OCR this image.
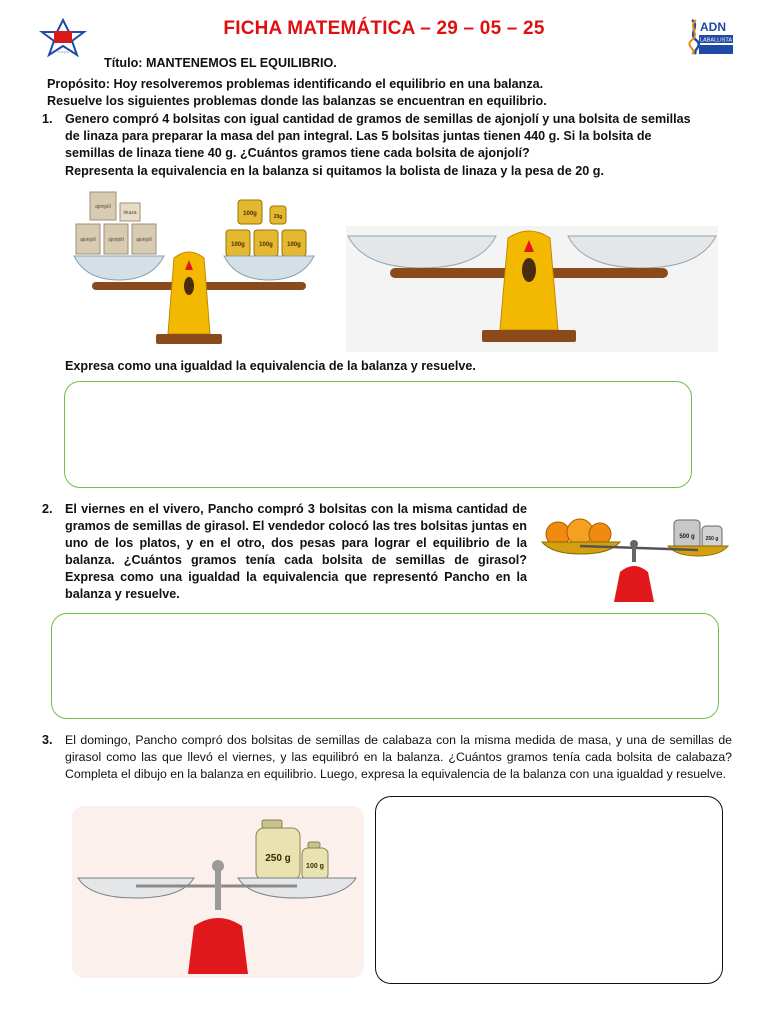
~~~~
FICHA MATEMÁTICA – 29 – 05 – 25	ADN
LABALLISTA
Título: MANTENEMOS EL EQUILIBRIO.
Propósito: Hoy resolveremos problemas identificando el equilibrio en una balanza.
Resuelve los siguientes problemas donde las balanzas se encuentran en equilibrio.
1. Genero compró 4 bolsitas con igual cantidad de gramos de semillas de ajonjolí y una bolsita de semillas
de linaza para preparar la masa del pan integral. Las 5 bolsitas juntas tienen 440 g. Si la bolsita de
semillas de linaza tiene 40 g. ¿Cuántos gramos tiene cada bolsita de ajonjolí?
Representa la equivalencia en la balanza si quitamos la bolista de linaza y la pesa de 20 g.
ajonjolí
linaza
ajonjolí ajonjolí ajonjolí
100g	20g
100g 100g 100g
Expresa como una igualdad la equivalencia de la balanza y resuelve.
2. El viernes en el vivero, Pancho compró 3 bolsitas con la misma cantidad de gramos de semillas de girasol. El vendedor colocó las tres bolsitas juntas en uno de los platos, y en el otro, dos pesas para lograr el equilibrio de la balanza. ¿Cuántos gramos tenía cada bolsita de semillas de girasol? Expresa como una igualdad la equivalencia que representó Pancho en la balanza y resuelve.
500 g 250 g
3. El domingo, Pancho compró dos bolsitas de semillas de calabaza con la misma medida de masa, y una de semillas de girasol como las que llevó el viernes, y las equilibró en la balanza. ¿Cuántos gramos tenía cada bolsita de calabaza? Completa el dibujo en la balanza en equilibrio. Luego, expresa la equivalencia de la balanza con una igualdad y resuelve.
250 g
100 g
